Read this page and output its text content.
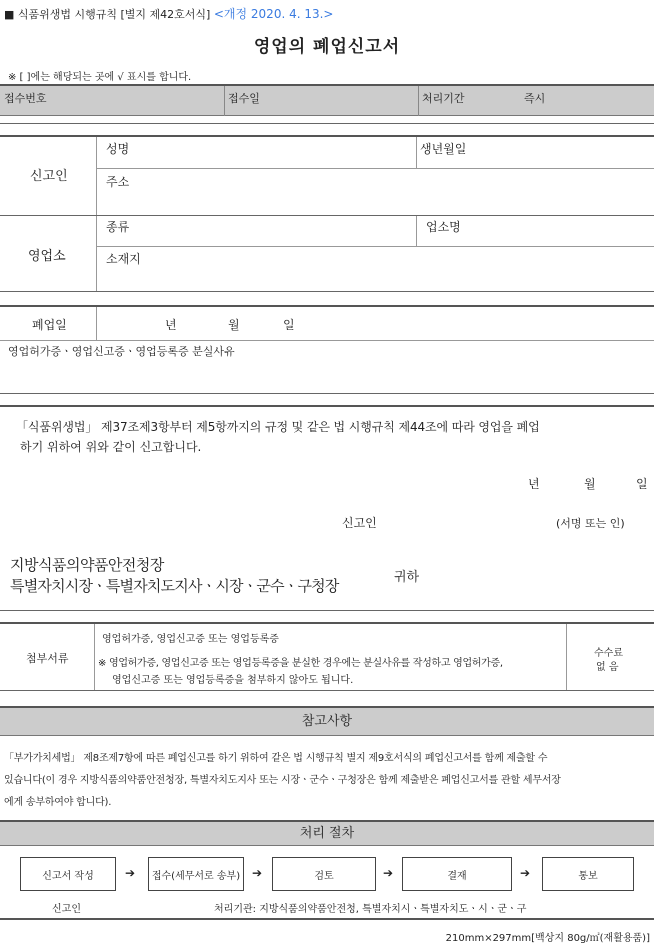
■ 식품위생법 시행규칙 [별지 제42호서식] <개정 2020. 4. 13.>
영업의 폐업신고서
※ [ ]에는 해당되는 곳에 √ 표시를 합니다.
접수번호	접수일	처리기간	즉시
신고인
성명	생년월일
주소
영업소
종류	업소명
소재지
폐업일	년	월	일
영업허가증ㆍ영업신고증ㆍ영업등록증 분실사유
「식품위생법」 제37조제3항부터 제5항까지의 규정 및 같은 법 시행규칙 제44조에 따라 영업을 폐업
하기 위하여 위와 같이 신고합니다.
년	월	일
신고인	(서명 또는 인)
지방식품의약품안전청장
특별자치시장ㆍ특별자치도지사ㆍ시장ㆍ군수ㆍ구청장	귀하
첨부서류
영업허가증, 영업신고증 또는 영업등록증
※ 영업허가증, 영업신고증 또는 영업등록증을 분실한 경우에는 분실사유를 작성하고 영업허가증,
영업신고증 또는 영업등록증을 첨부하지 않아도 됩니다.
수수료
없 음
참고사항
「부가가치세법」 제8조제7항에 따른 폐업신고를 하기 위하여 같은 법 시행규칙 별지 제9호서식의 폐업신고서를 함께 제출할 수
있습니다(이 경우 지방식품의약품안전청장, 특별자치도지사 또는 시장ㆍ군수ㆍ구청장은 함께 제출받은 폐업신고서를 관할 세무서장
에게 송부하여야 합니다).
처리 절차
신고서 작성	➔ 접수(세무서로 송부) ➔	검토	➔	결재	➔	통보
신고인	처리기관: 지방식품의약품안전청, 특별자치시ㆍ특별자치도ㆍ시ㆍ군ㆍ구
210mm×297mm[백상지 80g/㎡(재활용품)]
